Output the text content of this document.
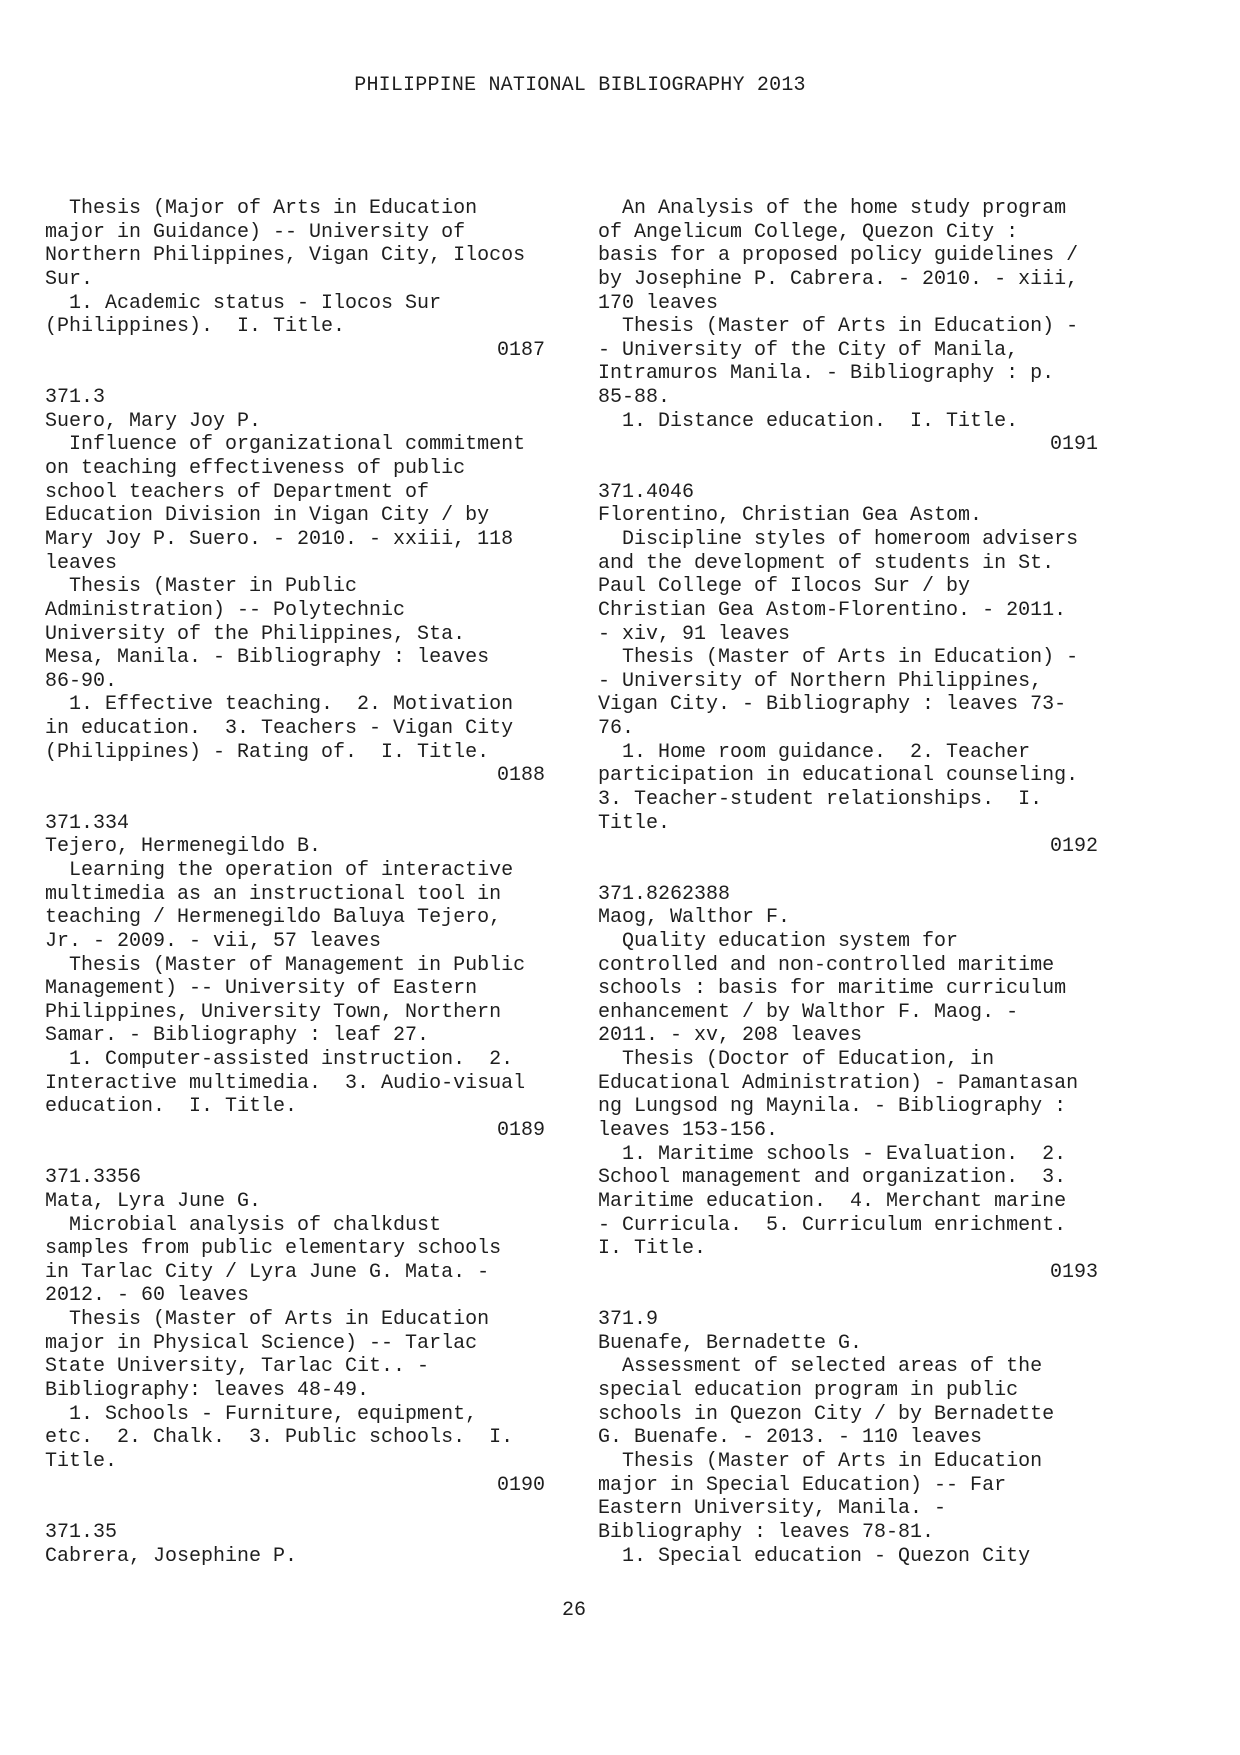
PHILIPPINE NATIONAL BIBLIOGRAPHY 2013
Thesis (Major of Arts in Education
major in Guidance) -- University of
Northern Philippines, Vigan City, Ilocos
Sur.
1. Academic status - Ilocos Sur
(Philippines).  I. Title.
0187
371.3
Suero, Mary Joy P.
Influence of organizational commitment
on teaching effectiveness of public
school teachers of Department of
Education Division in Vigan City / by
Mary Joy P. Suero. - 2010. - xxiii, 118
leaves
Thesis (Master in Public
Administration) -- Polytechnic
University of the Philippines, Sta.
Mesa, Manila. - Bibliography : leaves
86-90.
1. Effective teaching.  2. Motivation
in education.  3. Teachers - Vigan City
(Philippines) - Rating of.  I. Title.
0188
371.334
Tejero, Hermenegildo B.
Learning the operation of interactive
multimedia as an instructional tool in
teaching / Hermenegildo Baluya Tejero,
Jr. - 2009. - vii, 57 leaves
Thesis (Master of Management in Public
Management) -- University of Eastern
Philippines, University Town, Northern
Samar. - Bibliography : leaf 27.
1. Computer-assisted instruction.  2.
Interactive multimedia.  3. Audio-visual
education.  I. Title.
0189
371.3356
Mata, Lyra June G.
Microbial analysis of chalkdust
samples from public elementary schools
in Tarlac City / Lyra June G. Mata. -
2012. - 60 leaves
Thesis (Master of Arts in Education
major in Physical Science) -- Tarlac
State University, Tarlac Cit.. -
Bibliography: leaves 48-49.
1. Schools - Furniture, equipment,
etc.  2. Chalk.  3. Public schools.  I.
Title.
0190
371.35
Cabrera, Josephine P.
An Analysis of the home study program
of Angelicum College, Quezon City :
basis for a proposed policy guidelines /
by Josephine P. Cabrera. - 2010. - xiii,
170 leaves
Thesis (Master of Arts in Education) -
- University of the City of Manila,
Intramuros Manila. - Bibliography : p.
85-88.
1. Distance education.  I. Title.
0191
371.4046
Florentino, Christian Gea Astom.
Discipline styles of homeroom advisers
and the development of students in St.
Paul College of Ilocos Sur / by
Christian Gea Astom-Florentino. - 2011.
- xiv, 91 leaves
Thesis (Master of Arts in Education) -
- University of Northern Philippines,
Vigan City. - Bibliography : leaves 73-
76.
1. Home room guidance.  2. Teacher
participation in educational counseling.
3. Teacher-student relationships.  I.
Title.
0192
371.8262388
Maog, Walthor F.
Quality education system for
controlled and non-controlled maritime
schools : basis for maritime curriculum
enhancement / by Walthor F. Maog. -
2011. - xv, 208 leaves
Thesis (Doctor of Education, in
Educational Administration) - Pamantasan
ng Lungsod ng Maynila. - Bibliography :
leaves 153-156.
1. Maritime schools - Evaluation.  2.
School management and organization.  3.
Maritime education.  4. Merchant marine
- Curricula.  5. Curriculum enrichment.
I. Title.
0193
371.9
Buenafe, Bernadette G.
Assessment of selected areas of the
special education program in public
schools in Quezon City / by Bernadette
G. Buenafe. - 2013. - 110 leaves
Thesis (Master of Arts in Education
major in Special Education) -- Far
Eastern University, Manila. -
Bibliography : leaves 78-81.
1. Special education - Quezon City
26
